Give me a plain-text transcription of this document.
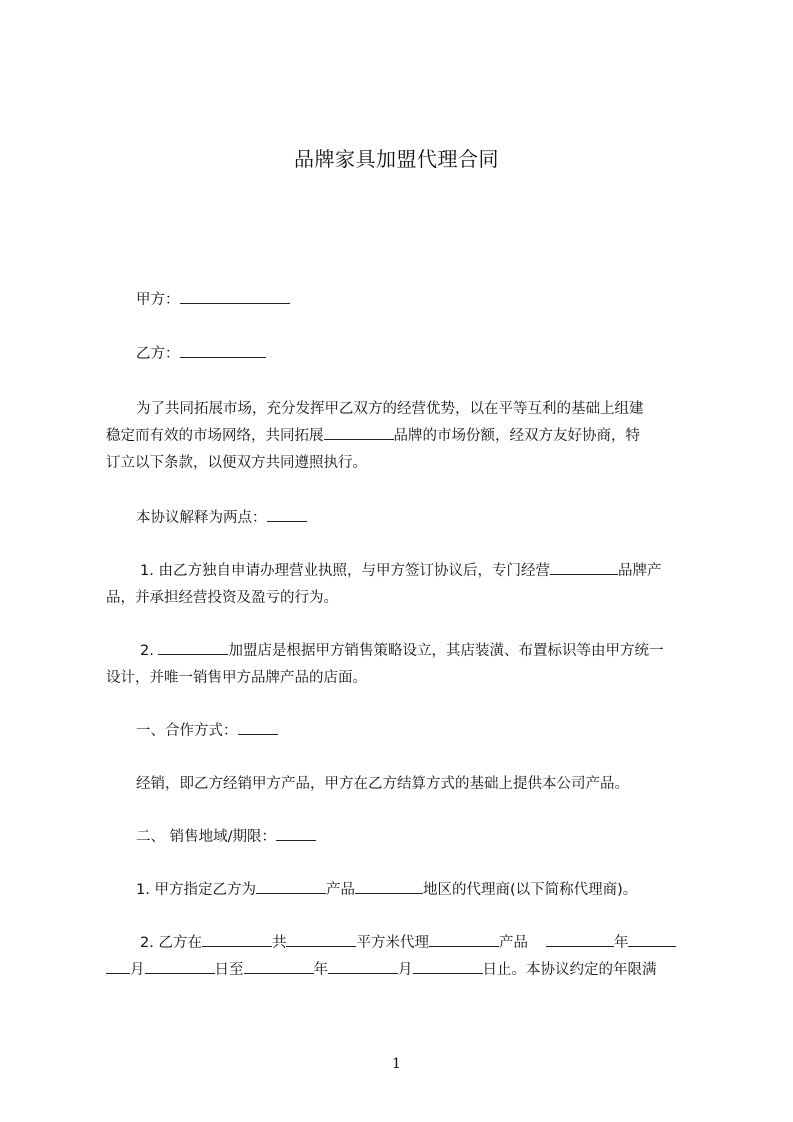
品牌家具加盟代理合同
甲方：
乙方：
为了共同拓展市场，充分发挥甲乙双方的经营优势，以在平等互利的基础上组建
稳定而有效的市场网络，共同拓展	品牌的市场份额，经双方友好协商，特
订立以下条款，以便双方共同遵照执行。
本协议解释为两点：
1. 由乙方独自申请办理营业执照，与甲方签订协议后，专门经营	品牌产
品，并承担经营投资及盈亏的行为。
2.	加盟店是根据甲方销售策略设立，其店装潢、布置标识等由甲方统一
设计，并唯一销售甲方品牌产品的店面。
一、合作方式：
经销，即乙方经销甲方产品，甲方在乙方结算方式的基础上提供本公司产品。
二、 销售地域/期限：
1. 甲方指定乙方为	产品	地区的代理商(以下简称代理商)。
2. 乙方在	共	平方米代理	产品	年
月	日至	年	月	日止。本协议约定的年限满
1
